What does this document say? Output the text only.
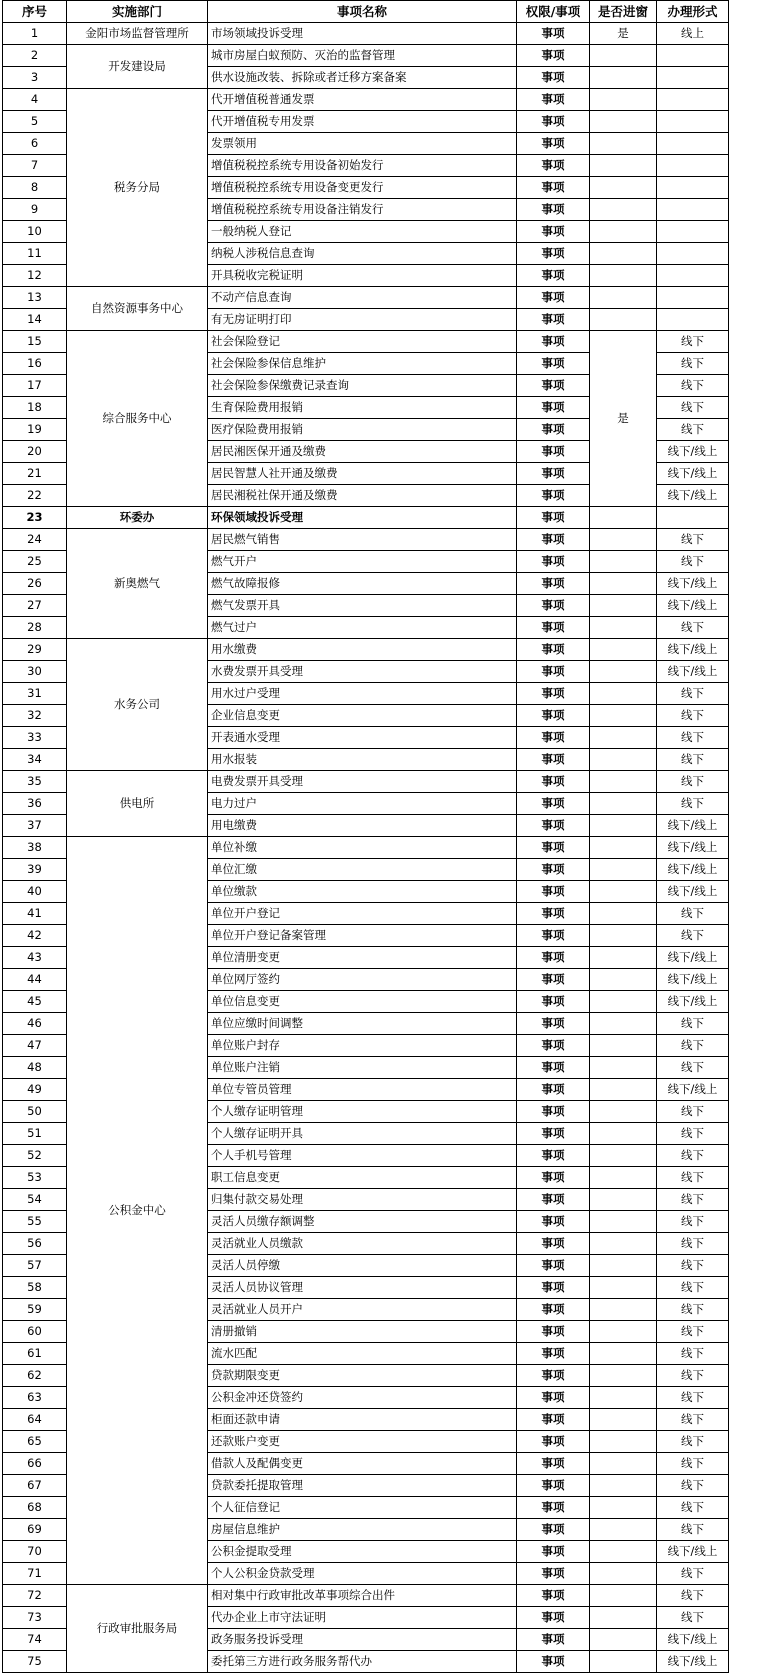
序号	实施部门	事项名称	权限/事项	是否进窗	办理形式
1	金阳市场监督管理所	市场领域投诉受理	事项	是	线上
2	开发建设局	城市房屋白蚁预防、灭治的监督管理	事项		
3		供水设施改装、拆除或者迁移方案备案	事项		
4	税务分局	代开增值税普通发票	事项		
5		代开增值税专用发票	事项		
6		发票领用	事项		
7		增值税税控系统专用设备初始发行	事项		
8		增值税税控系统专用设备变更发行	事项		
9		增值税税控系统专用设备注销发行	事项		
10		一般纳税人登记	事项		
11		纳税人涉税信息查询	事项		
12		开具税收完税证明	事项		
13	自然资源事务中心	不动产信息查询	事项		
14		有无房证明打印	事项		
15	综合服务中心	社会保险登记	事项	是	线下
16		社会保险参保信息维护	事项		线下
17		社会保险参保缴费记录查询	事项		线下
18		生育保险费用报销	事项		线下
19		医疗保险费用报销	事项		线下
20		居民湘医保开通及缴费	事项		线下/线上
21		居民智慧人社开通及缴费	事项		线下/线上
22		居民湘税社保开通及缴费	事项		线下/线上
23	环委办	环保领域投诉受理	事项		
24	新奥燃气	居民燃气销售	事项		线下
25		燃气开户	事项		线下
26		燃气故障报修	事项		线下/线上
27		燃气发票开具	事项		线下/线上
28		燃气过户	事项		线下
29	水务公司	用水缴费	事项		线下/线上
30		水费发票开具受理	事项		线下/线上
31		用水过户受理	事项		线下
32		企业信息变更	事项		线下
33		开表通水受理	事项		线下
34		用水报装	事项		线下
35	供电所	电费发票开具受理	事项		线下
36		电力过户	事项		线下
37		用电缴费	事项		线下/线上
38	公积金中心	单位补缴	事项		线下/线上
39		单位汇缴	事项		线下/线上
40		单位缴款	事项		线下/线上
41		单位开户登记	事项		线下
42		单位开户登记备案管理	事项		线下
43		单位清册变更	事项		线下/线上
44		单位网厅签约	事项		线下/线上
45		单位信息变更	事项		线下/线上
46		单位应缴时间调整	事项		线下
47		单位账户封存	事项		线下
48		单位账户注销	事项		线下
49		单位专管员管理	事项		线下/线上
50		个人缴存证明管理	事项		线下
51		个人缴存证明开具	事项		线下
52		个人手机号管理	事项		线下
53		职工信息变更	事项		线下
54		归集付款交易处理	事项		线下
55		灵活人员缴存额调整	事项		线下
56		灵活就业人员缴款	事项		线下
57		灵活人员停缴	事项		线下
58		灵活人员协议管理	事项		线下
59		灵活就业人员开户	事项		线下
60		清册撤销	事项		线下
61		流水匹配	事项		线下
62		贷款期限变更	事项		线下
63		公积金冲还贷签约	事项		线下
64		柜面还款申请	事项		线下
65		还款账户变更	事项		线下
66		借款人及配偶变更	事项		线下
67		贷款委托提取管理	事项		线下
68		个人征信登记	事项		线下
69		房屋信息维护	事项		线下
70		公积金提取受理	事项		线下/线上
71		个人公积金贷款受理	事项		线下
72	行政审批服务局	相对集中行政审批改革事项综合出件	事项		线下
73		代办企业上市守法证明	事项		线下
74		政务服务投诉受理	事项		线下/线上
75		委托第三方进行政务服务帮代办	事项		线下/线上
